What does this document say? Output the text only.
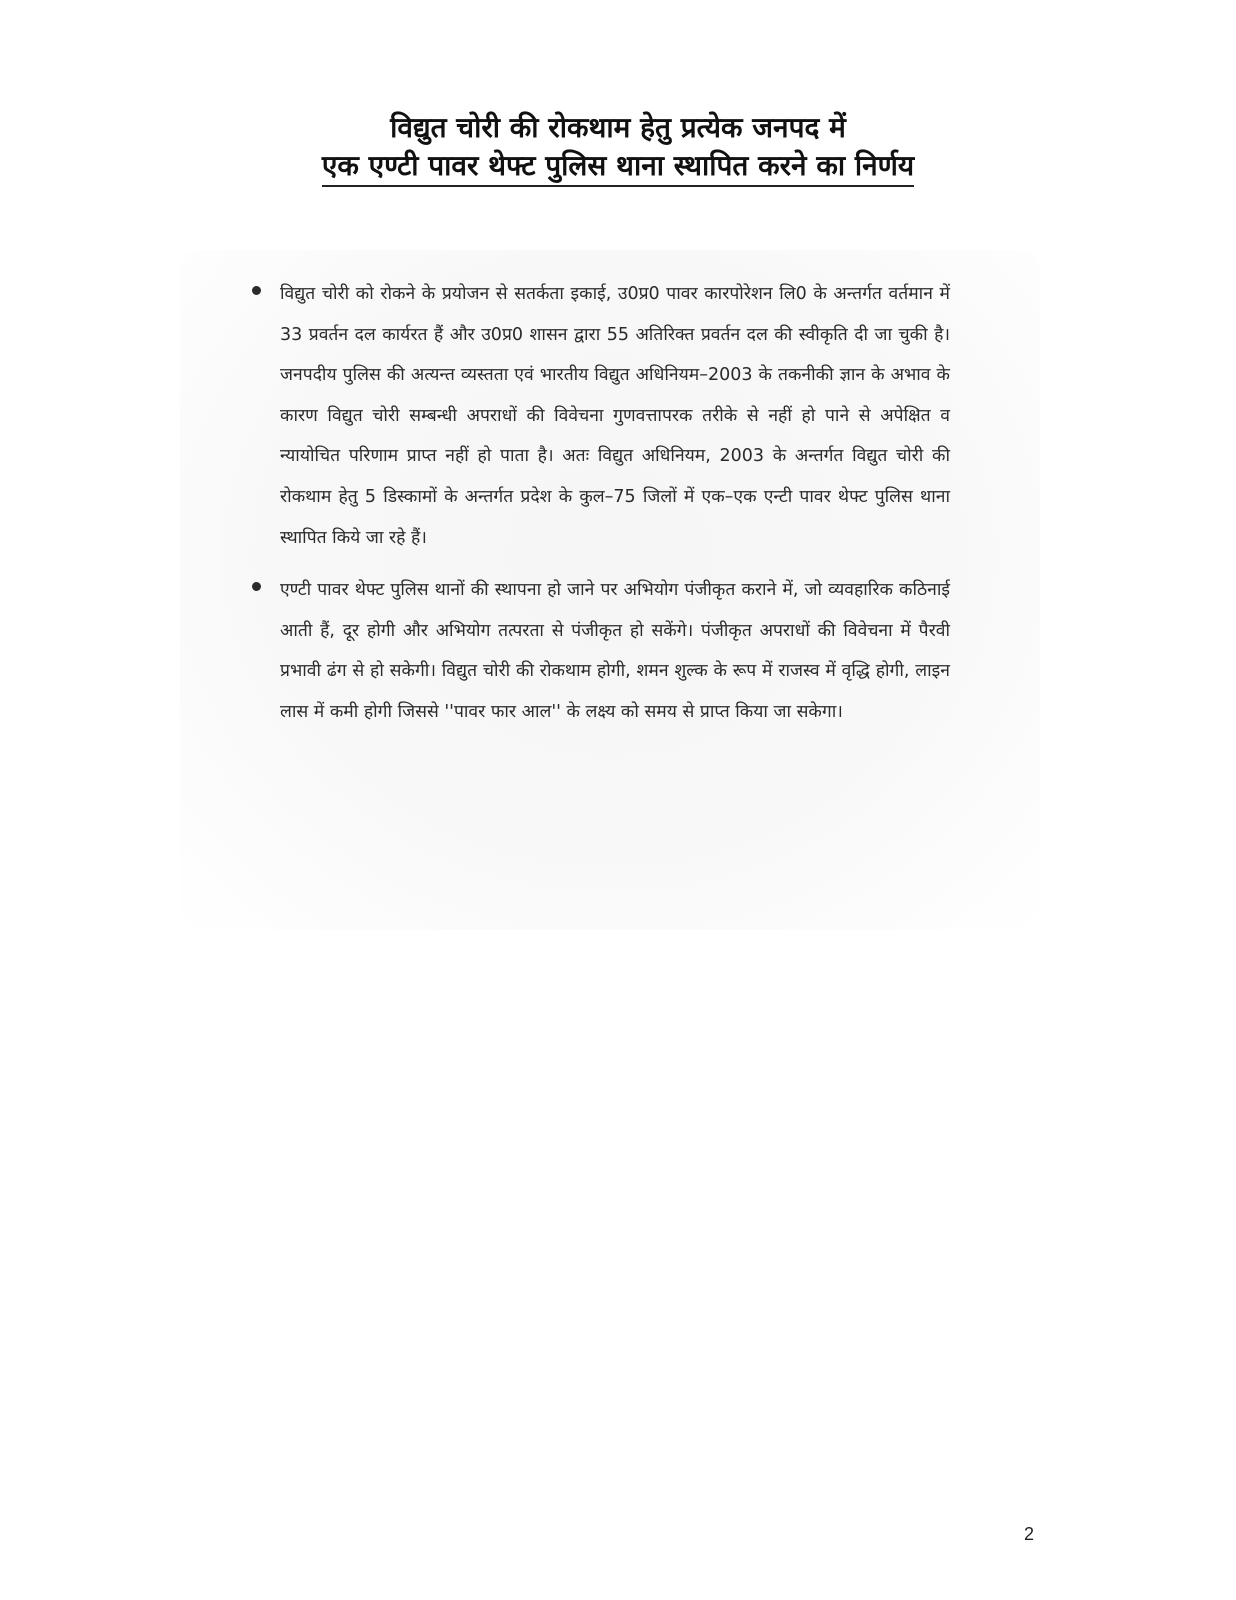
विद्युत चोरी की रोकथाम हेतु प्रत्येक जनपद में
एक एण्टी पावर थेफ्ट पुलिस थाना स्थापित करने का निर्णय

विद्युत चोरी को रोकने के प्रयोजन से सतर्कता इकाई, उ0प्र0 पावर कारपोरेशन लि0 के अन्तर्गत वर्तमान में 33 प्रवर्तन दल कार्यरत हैं और उ0प्र0 शासन द्वारा 55 अतिरिक्त प्रवर्तन दल की स्वीकृति दी जा चुकी है। जनपदीय पुलिस की अत्यन्त व्यस्तता एवं भारतीय विद्युत अधिनियम–2003 के तकनीकी ज्ञान के अभाव के कारण विद्युत चोरी सम्बन्धी अपराधों की विवेचना गुणवत्तापरक तरीके से नहीं हो पाने से अपेक्षित व न्यायोचित परिणाम प्राप्त नहीं हो पाता है। अतः विद्युत अधिनियम, 2003 के अन्तर्गत विद्युत चोरी की रोकथाम हेतु 5 डिस्कामों के अन्तर्गत प्रदेश के कुल–75 जिलों में एक–एक एन्टी पावर थेफ्ट पुलिस थाना स्थापित किये जा रहे हैं।

एण्टी पावर थेफ्ट पुलिस थानों की स्थापना हो जाने पर अभियोग पंजीकृत कराने में, जो व्यवहारिक कठिनाई आती हैं, दूर होगी और अभियोग तत्परता से पंजीकृत हो सकेंगे। पंजीकृत अपराधों की विवेचना में पैरवी प्रभावी ढंग से हो सकेगी। विद्युत चोरी की रोकथाम होगी, शमन शुल्क के रूप में राजस्व में वृद्धि होगी, लाइन लास में कमी होगी जिससे ''पावर फार आल'' के लक्ष्य को समय से प्राप्त किया जा सकेगा।

2
